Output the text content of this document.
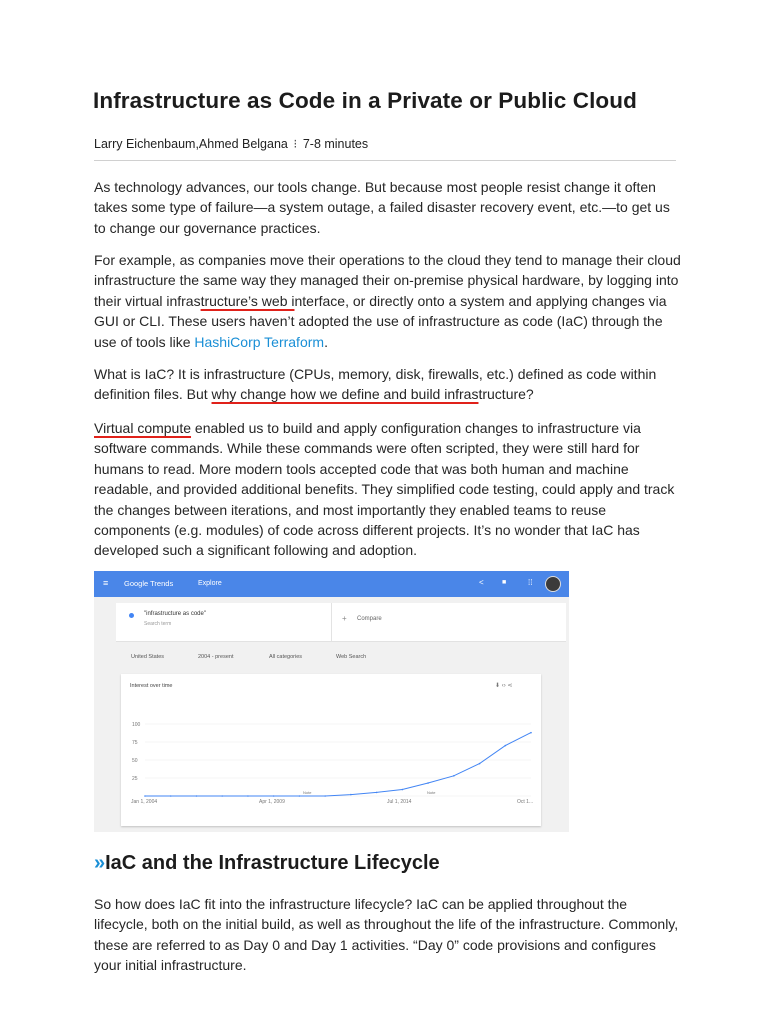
Infrastructure as Code in a Private or Public Cloud
Larry Eichenbaum,Ahmed Belgana ⁝ 7-8 minutes

As technology advances, our tools change. But because most people resist change it often takes some type of failure—a system outage, a failed disaster recovery event, etc.—to get us to change our governance practices.

For example, as companies move their operations to the cloud they tend to manage their cloud infrastructure the same way they managed their on-premise physical hardware, by logging into their virtual infrastructure’s web interface, or directly onto a system and applying changes via GUI or CLI. These users haven’t adopted the use of infrastructure as code (IaC) through the use of tools like HashiCorp Terraform.

What is IaC? It is infrastructure (CPUs, memory, disk, firewalls, etc.) defined as code within definition files. But why change how we define and build infrastructure?

Virtual compute enabled us to build and apply configuration changes to infrastructure via software commands. While these commands were often scripted, they were still hard for humans to read. More modern tools accepted code that was both human and machine readable, and provided additional benefits. They simplified code testing, could apply and track the changes between iterations, and most importantly they enabled teams to reuse components (e.g. modules) of code across different projects. It’s no wonder that IaC has developed such a significant following and adoption.

≡ Google Trends	Explore	<	■	⁞⁞
"infrastructure as code"
Search term
+ Compare
United States	2004 - present	All categories	Web Search
Interest over time	⬇ ‹› ⋖
100
75
50
25
Jan 1, 2004	Apr 1, 2009	Jul 1, 2014	Oct 1...
Note	Note
»IaC and the Infrastructure Lifecycle

So how does IaC fit into the infrastructure lifecycle? IaC can be applied throughout the lifecycle, both on the initial build, as well as throughout the life of the infrastructure. Commonly, these are referred to as Day 0 and Day 1 activities. “Day 0” code provisions and configures your initial infrastructure.
